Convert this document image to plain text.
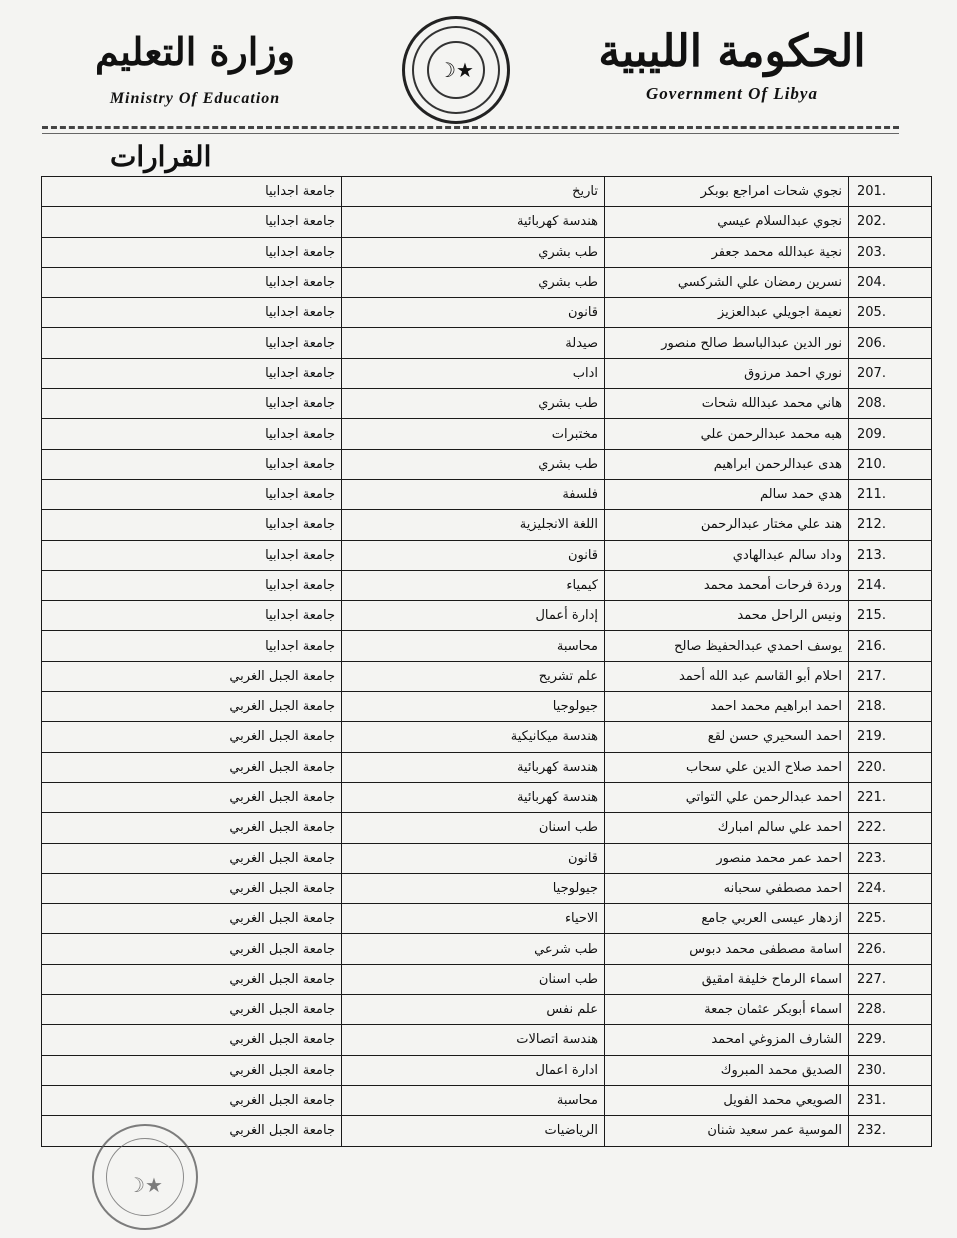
الحكومة الليبية
Government Of Libya
☽★
وزارة التعليم
Ministry Of Education
القرارات
جامعة اجدابيا	تاريخ	نجوي شحات امراجع بوبكر	201.
جامعة اجدابيا	هندسة كهربائية	نجوي عبدالسلام عيسي	202.
جامعة اجدابيا	طب بشري	نجية عبدالله محمد جعفر	203.
جامعة اجدابيا	طب بشري	نسرين رمضان علي الشركسي	204.
جامعة اجدابيا	قانون	نعيمة اجويلي عبدالعزيز	205.
جامعة اجدابيا	صيدلة	نور الدين عبدالباسط صالح منصور	206.
جامعة اجدابيا	اداب	نوري احمد مرزوق	207.
جامعة اجدابيا	طب بشري	هاني محمد عبدالله شحات	208.
جامعة اجدابيا	مختبرات	هبه محمد عبدالرحمن علي	209.
جامعة اجدابيا	طب بشري	هدى عبدالرحمن ابراهيم	210.
جامعة اجدابيا	فلسفة	هدي حمد سالم	211.
جامعة اجدابيا	اللغة الانجليزية	هند علي مختار عبدالرحمن	212.
جامعة اجدابيا	قانون	وداد سالم عبدالهادي	213.
جامعة اجدابيا	كيمياء	وردة فرحات أمحمد محمد	214.
جامعة اجدابيا	إدارة أعمال	ونيس الراحل محمد	215.
جامعة اجدابيا	محاسبة	يوسف احمدي عبدالحفيظ صالح	216.
جامعة الجبل الغربي	علم تشريح	احلام أبو القاسم عبد الله أحمد	217.
جامعة الجبل الغربي	جيولوجيا	احمد ابراهيم محمد احمد	218.
جامعة الجبل الغربي	هندسة ميكانيكية	احمد السحيري حسن لقع	219.
جامعة الجبل الغربي	هندسة كهربائية	احمد صلاح الدين علي سحاب	220.
جامعة الجبل الغربي	هندسة كهربائية	احمد عبدالرحمن علي التواتي	221.
جامعة الجبل الغربي	طب اسنان	احمد علي سالم امبارك	222.
جامعة الجبل الغربي	قانون	احمد عمر محمد منصور	223.
جامعة الجبل الغربي	جيولوجيا	احمد مصطفي سحبانه	224.
جامعة الجبل الغربي	الاحياء	ازدهار عيسى العربي جامع	225.
جامعة الجبل الغربي	طب شرعي	اسامة مصطفى محمد دبوس	226.
جامعة الجبل الغربي	طب اسنان	اسماء الرماح خليفة امقيق	227.
جامعة الجبل الغربي	علم نفس	اسماء أبوبكر عثمان جمعة	228.
جامعة الجبل الغربي	هندسة اتصالات	الشارف المزوغي امحمد	229.
جامعة الجبل الغربي	ادارة اعمال	الصديق محمد المبروك	230.
جامعة الجبل الغربي	محاسبة	الصويعي محمد الفويل	231.
جامعة الجبل الغربي	الرياضيات	الموسية عمر سعيد شنان	232.
☽★
